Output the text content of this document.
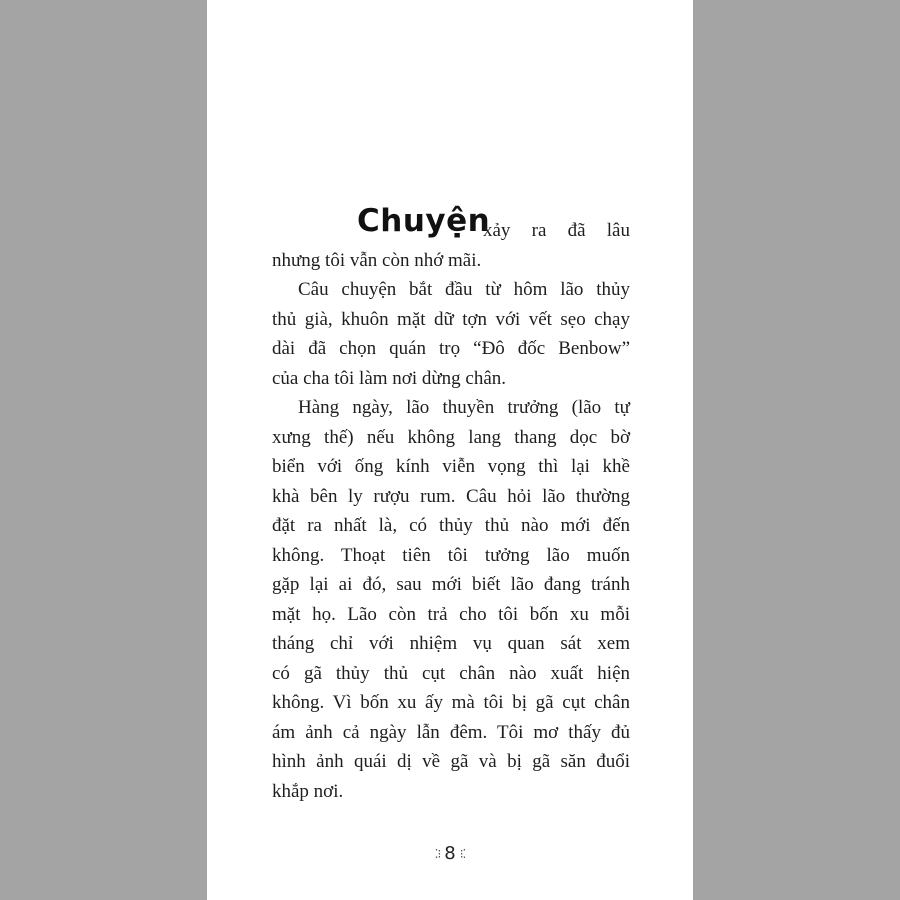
Chuyện
xảy ra đã lâu
nhưng tôi vẫn còn nhớ mãi.
Câu chuyện bắt đầu từ hôm lão thủy
thủ già, khuôn mặt dữ tợn với vết sẹo chạy
dài đã chọn quán trọ “Đô đốc Benbow”
của cha tôi làm nơi dừng chân.
Hàng ngày, lão thuyền trưởng (lão tự
xưng thế) nếu không lang thang dọc bờ
biển với ống kính viễn vọng thì lại khề
khà bên ly rượu rum. Câu hỏi lão thường
đặt ra nhất là, có thủy thủ nào mới đến
không. Thoạt tiên tôi tưởng lão muốn
gặp lại ai đó, sau mới biết lão đang tránh
mặt họ. Lão còn trả cho tôi bốn xu mỗi
tháng chỉ với nhiệm vụ quan sát xem
có gã thủy thủ cụt chân nào xuất hiện
không. Vì bốn xu ấy mà tôi bị gã cụt chân
ám ảnh cả ngày lẫn đêm. Tôi mơ thấy đủ
hình ảnh quái dị về gã và bị gã săn đuổi
khắp nơi.
⁚⁝ 8 ⁝⁚
